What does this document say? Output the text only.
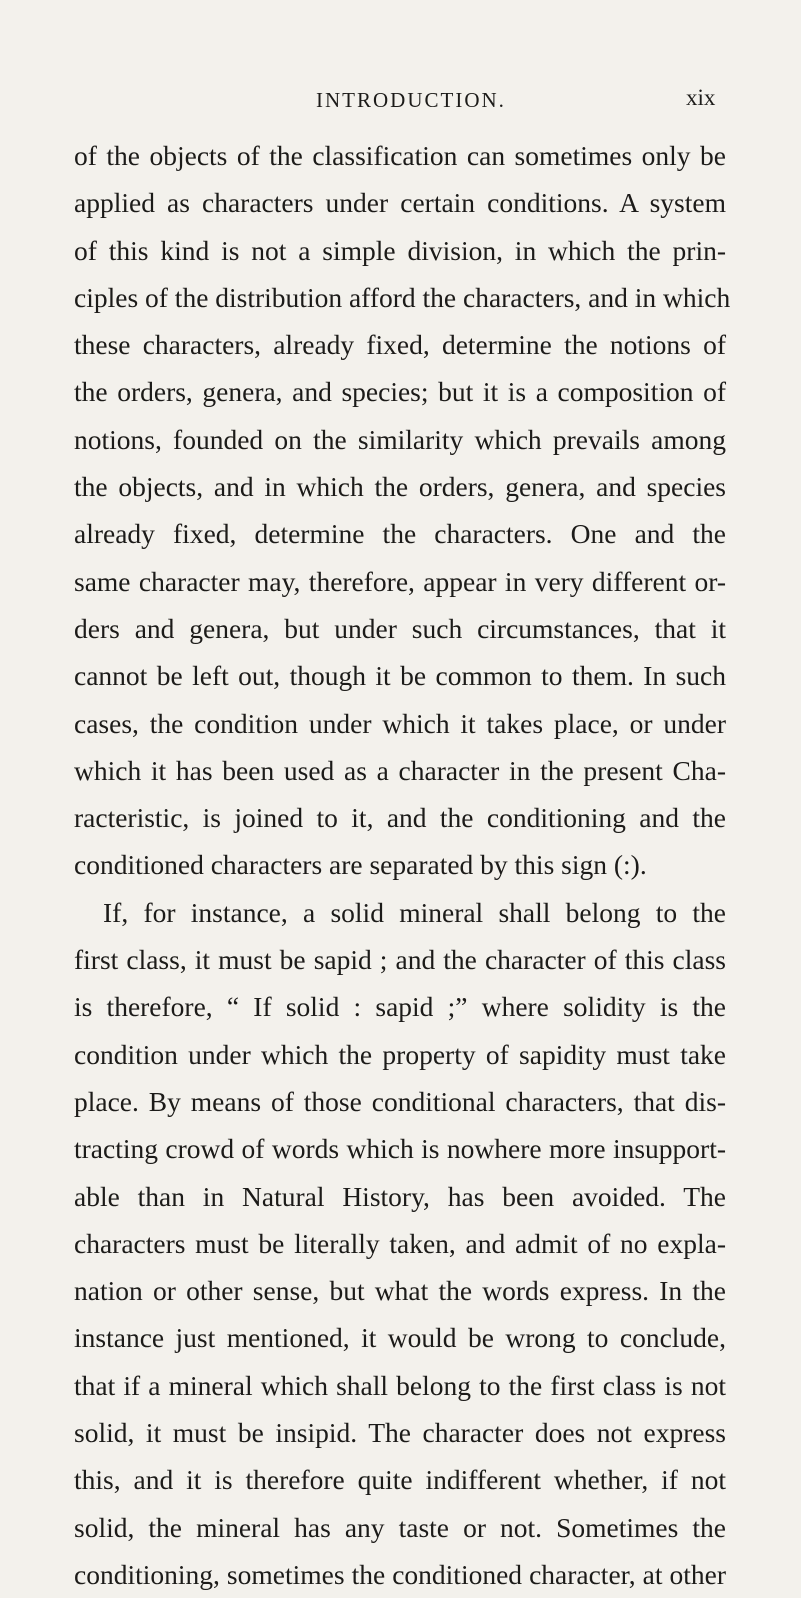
INTRODUCTION.	xix
of the objects of the classification can sometimes only be
applied as characters under certain conditions. A system
of this kind is not a simple division, in which the prin-
ciples of the distribution afford the characters, and in which
these characters, already fixed, determine the notions of
the orders, genera, and species; but it is a composition of
notions, founded on the similarity which prevails among
the objects, and in which the orders, genera, and species
already fixed, determine the characters. One and the
same character may, therefore, appear in very different or-
ders and genera, but under such circumstances, that it
cannot be left out, though it be common to them. In such
cases, the condition under which it takes place, or under
which it has been used as a character in the present Cha-
racteristic, is joined to it, and the conditioning and the
conditioned characters are separated by this sign (:).
If, for instance, a solid mineral shall belong to the
first class, it must be sapid ; and the character of this class
is therefore, “ If solid : sapid ;” where solidity is the
condition under which the property of sapidity must take
place. By means of those conditional characters, that dis-
tracting crowd of words which is nowhere more insupport-
able than in Natural History, has been avoided. The
characters must be literally taken, and admit of no expla-
nation or other sense, but what the words express. In the
instance just mentioned, it would be wrong to conclude,
that if a mineral which shall belong to the first class is not
solid, it must be insipid. The character does not express
this, and it is therefore quite indifferent whether, if not
solid, the mineral has any taste or not. Sometimes the
conditioning, sometimes the conditioned character, at other
